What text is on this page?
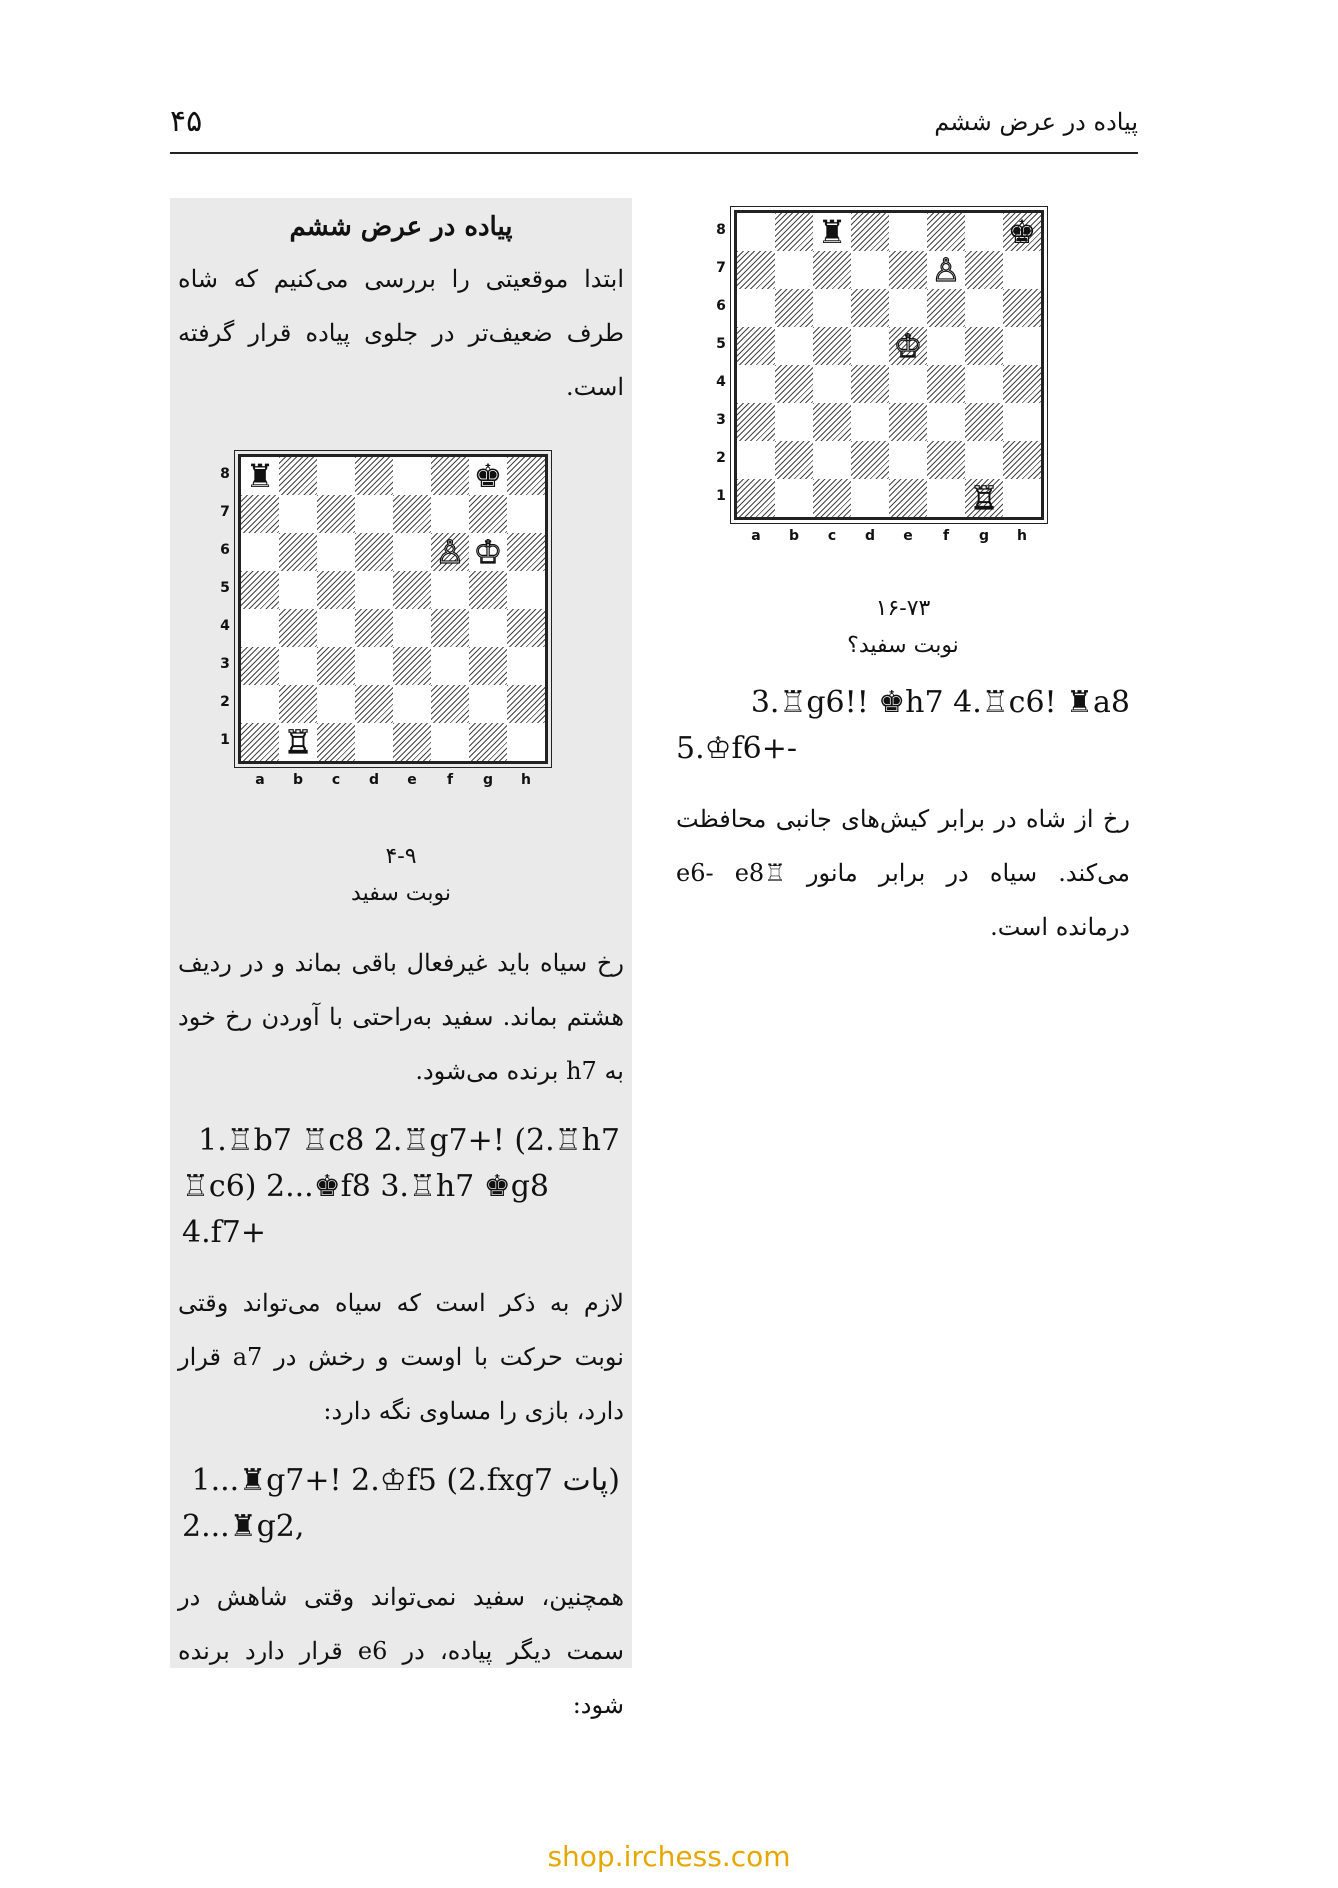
۴۵	پیاده در عرض ششم
پیاده در عرض ششم

ابتدا موقعیتی را بررسی می‌کنیم که شاه طرف ضعیف‌تر در جلوی پیاده قرار گرفته است.

♜	♚
♙ ♔
♖
8
7
6
5
4
3
2
1
a	b	c	d	e	f	g	h
۴-۹
نوبت سفید

رخ سیاه باید غیرفعال باقی بماند و در ردیف هشتم بماند. سفید به‌راحتی با آوردن رخ خود به h7 برنده می‌شود.

1.♖b7 ♖c8 2.♖g7+! (2.♖h7
♖c6) 2...♚f8 3.♖h7 ♚g8 4.f7+

لازم به ذکر است که سیاه می‌تواند وقتی نوبت حرکت با اوست و رخش در a7 قرار دارد، بازی را مساوی نگه دارد:

1...♜g7+! 2.♔f5 (2.fxg7 پات)
2...♜g2,

همچنین، سفید نمی‌تواند وقتی شاهش در سمت دیگر پیاده، در e6 قرار دارد برنده شود:

♜	♚
♙
♔
♖
8
7
6
5
4
3
2
1
a	b	c	d	e	f	g	h
۱۶-۷۳
نوبت سفید؟
3.♖g6!! ♚h7 4.♖c6! ♜a8
5.♔f6+-

رخ از شاه در برابر کیش‌های جانبی محافظت می‌کند. سیاه در برابر مانور ♖e6- e8 درمانده است.

shop.irchess.com
